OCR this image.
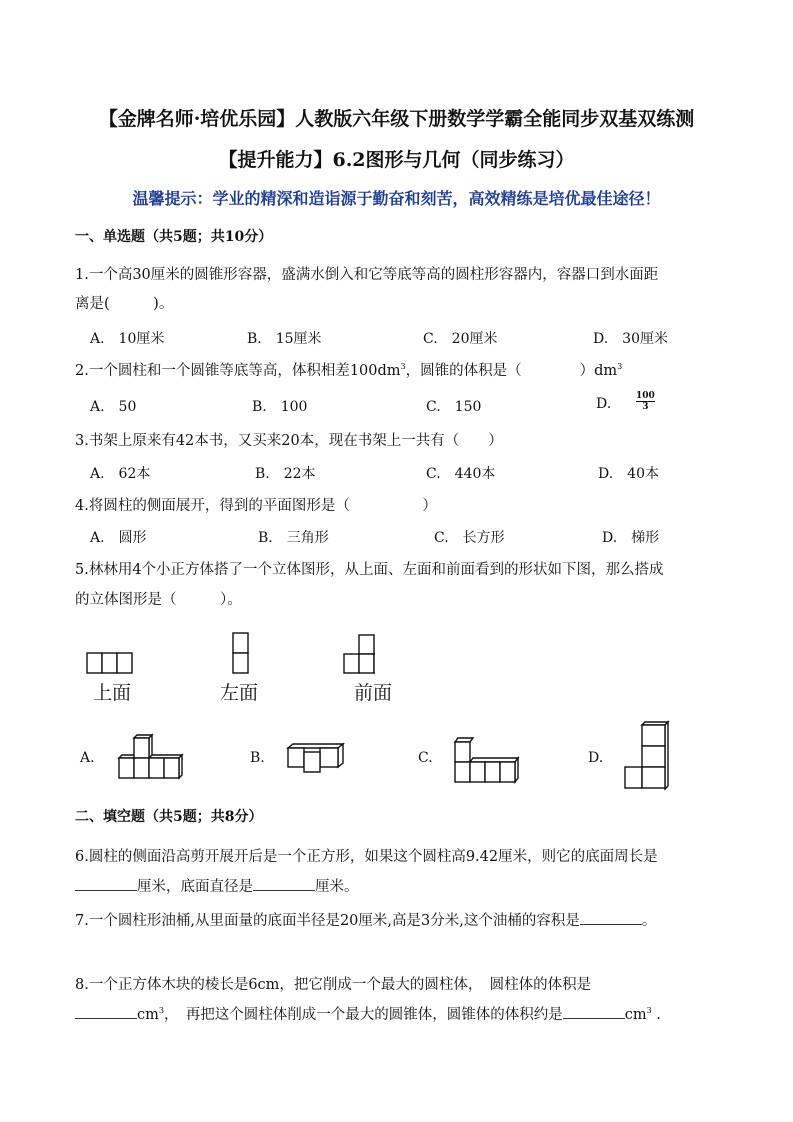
【金牌名师·培优乐园】人教版六年级下册数学学霸全能同步双基双练测
【提升能力】6.2图形与几何（同步练习）
温馨提示：学业的精深和造诣源于勤奋和刻苦，高效精练是培优最佳途径！
一、单选题（共5题；共10分）
1.一个高30厘米的圆锥形容器，盛满水倒入和它等底等高的圆柱形容器内，容器口到水面距
离是(　　　)。
A.　10厘米	B.　15厘米	C.　20厘米	D.　30厘米
2.一个圆柱和一个圆锥等底等高，体积相差$100dm^3$，圆锥的体积是（　　　　）$dm^3$
A.　50	B.　100	C.　150	D.	$\frac{100}{3}$
3.书架上原来有42本书，又买来20本，现在书架上一共有（　　）
A.　62本	B.　22本	C.　440本	D.　40本
4.将圆柱的侧面展开，得到的平面图形是（　　　　　）
A.　圆形	B.　三角形	C.　长方形	D.　梯形
5.林林用4个小正方体搭了一个立体图形，从上面、左面和前面看到的形状如下图，那么搭成
的立体图形是（　　　）。
上面	左面	前面
A.	B.	C.	D.
二、填空题（共5题；共8分）
6.圆柱的侧面沿高剪开展开后是一个正方形，如果这个圆柱高9.42厘米，则它的底面周长是
厘米，底面直径是	厘米。
7.一个圆柱形油桶,从里面量的底面半径是20厘米,高是3分米,这个油桶的容积是	。
8.一个正方体木块的棱长是6cm，把它削成一个最大的圆柱体，　圆柱体的体积是
$cm^3$，　再把这个圆柱体削成一个最大的圆锥体，圆锥体的体积约是	$cm^3$ .
